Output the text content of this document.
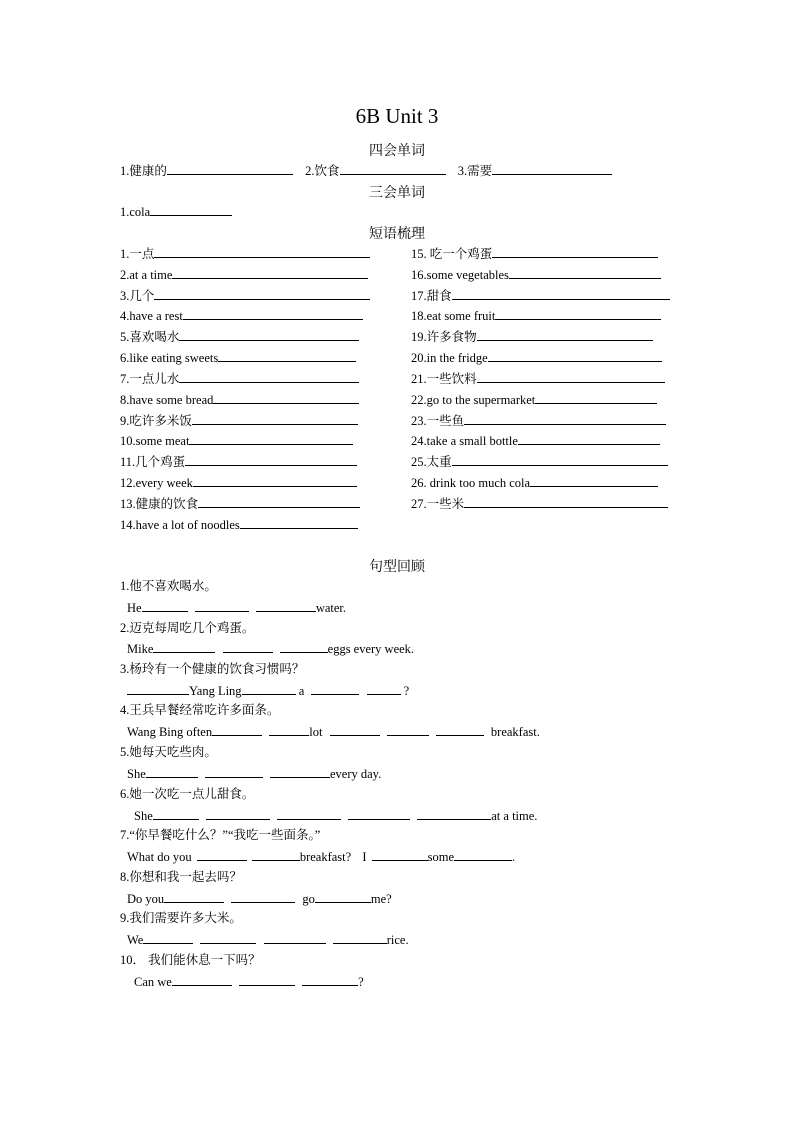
6B Unit 3
四会单词
1.健康的	2.饮食	3.需要
三会单词
1.cola
短语梳理
1.一点
2.at a time
3.几个
4.have a rest
5.喜欢喝水
6.like eating sweets
7.一点儿水
8.have some bread
9.吃许多米饭
10.some meat
11.几个鸡蛋
12.every week
13.健康的饮食
14.have a lot of noodles
15. 吃一个鸡蛋
16.some vegetables
17.甜食
18.eat some fruit
19.许多食物
20.in the fridge
21.一些饮料
22.go to the supermarket
23.一些鱼
24.take a small bottle
25.太重
26. drink too much cola
27.一些米
句型回顾
1.他不喜欢喝水。
He	water.
2.迈克每周吃几个鸡蛋。
Mike	eggs every week.
3.杨玲有一个健康的饮食习惯吗？
Yang Ling	a	?
4.王兵早餐经常吃许多面条。
Wang Bing often	lot	breakfast.
5.她每天吃些肉。
She	every day.
6.她一次吃一点儿甜食。
She	at a time.
7.“你早餐吃什么？”“我吃一些面条。”
What do you	breakfast? I	some	.
8.你想和我一起去吗？
Do you	go	me?
9.我们需要许多大米。
We	rice.
10． 我们能休息一下吗？
Can we	?
